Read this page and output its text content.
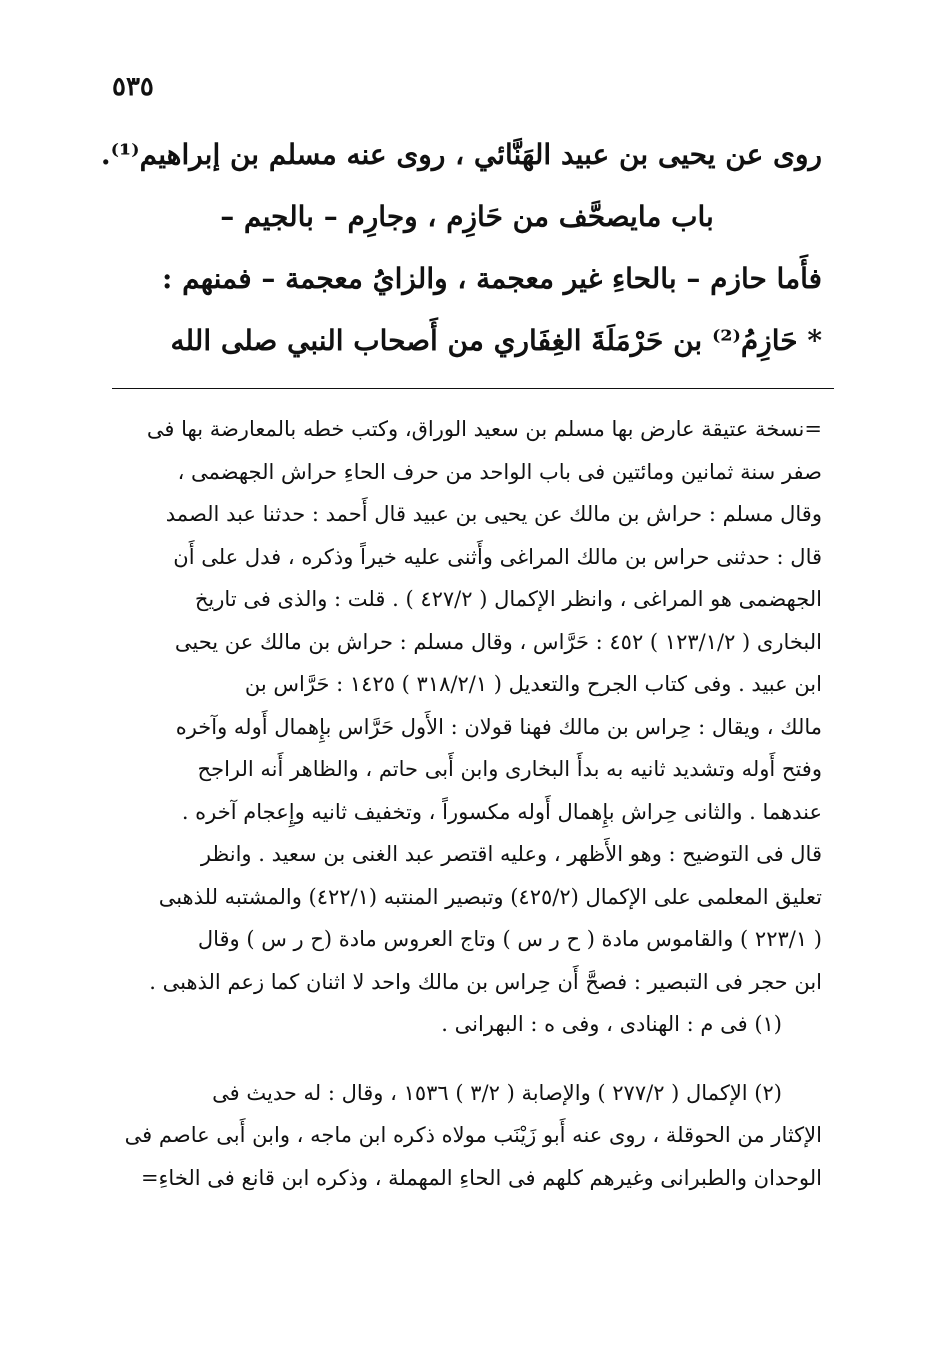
٥٣٥
روى عن يحيى بن عبيد الهَنَّائي ، روى عنه مسلم بن إبراهيم⁽¹⁾.
باب مايصحَّف من حَازِم ، وجارِم – بالجيم –
فأَما حازم – بالحاءِ غير معجمة ، والزايُ معجمة – فمنهم :
* حَازِمُ⁽²⁾ بن حَرْمَلَةَ الغِفَاري من أَصحاب النبي صلى الله
=نسخة عتيقة عارض بها مسلم بن سعيد الوراق، وكتب خطه بالمعارضة بها فى
صفر سنة ثمانين ومائتين فى باب الواحد من حرف الحاءِ حراش الجهضمى ،
وقال مسلم : حراش بن مالك عن يحيى بن عبيد قال أَحمد : حدثنا عبد الصمد
قال : حدثنى حراس بن مالك المراغى وأَثنى عليه خيراً وذكره ، فدل على أَن
الجهضمى هو المراغى ، وانظر الإكمال ( ٤٢٧/٢ ) . قلت : والذى فى تاريخ
البخارى ( ١٢٣/١/٢ ) ٤٥٢ : حَرَّاس ، وقال مسلم : حراش بن مالك عن يحيى
ابن عبيد . وفى كتاب الجرح والتعديل ( ٣١٨/٢/١ ) ١٤٢٥ : حَرَّاس بن
مالك ، ويقال : حِراس بن مالك فهنا قولان : الأَول حَرَّاس بإِهمال أَوله وآخره
وفتح أَوله وتشديد ثانيه به بدأَ البخارى وابن أَبى حاتم ، والظاهر أَنه الراجح
عندهما . والثانى حِراش بإِهمال أَوله مكسوراً ، وتخفيف ثانيه وإِعجام آخره .
قال فى التوضيح : وهو الأَظهر ، وعليه اقتصر عبد الغنى بن سعيد . وانظر
تعليق المعلمى على الإكمال (٤٢٥/٢) وتبصير المنتبه (٤٢٢/١) والمشتبه للذهبى
( ٢٢٣/١ ) والقاموس مادة ( ح ر س ) وتاج العروس مادة (ح ر س ) وقال
ابن حجر فى التبصير : فصحَّ أَن حِراس بن مالك واحد لا اثنان كما زعم الذهبى .
(١) فى م : الهنادى ، وفى ه : البهرانى .
(٢) الإكمال ( ٢٧٧/٢ ) والإصابة ( ٣/٢ ) ١٥٣٦ ، وقال : له حديث فى
الإكثار من الحوقلة ، روى عنه أَبو زَيْنَب مولاه ذكره ابن ماجه ، وابن أَبى عاصم فى
الوحدان والطبرانى وغيرهم كلهم فى الحاءِ المهملة ، وذكره ابن قانع فى الخاءِ=
